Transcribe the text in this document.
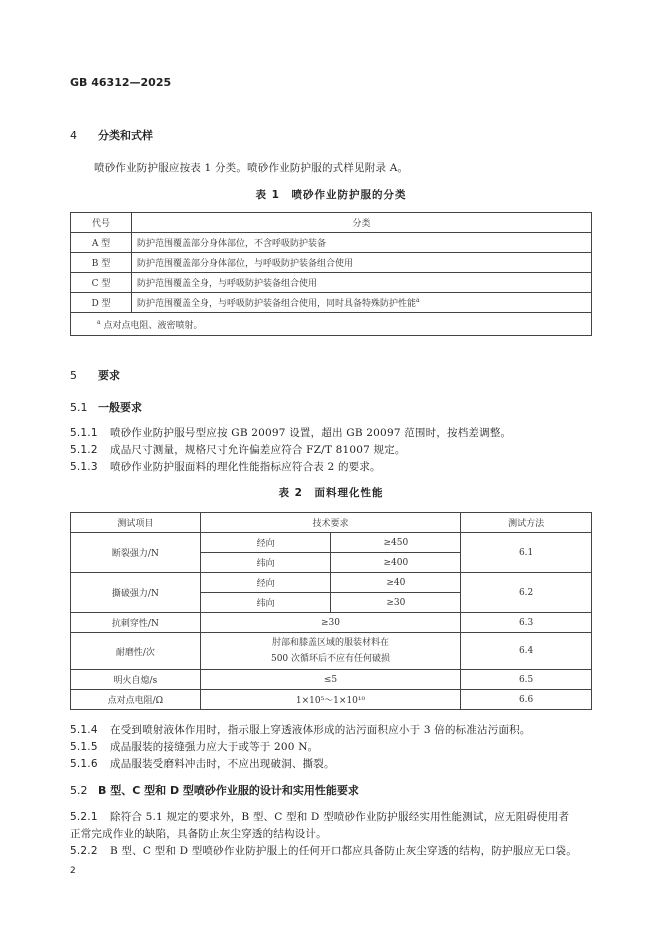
GB 46312—2025
4 分类和式样
喷砂作业防护服应按表 1 分类。喷砂作业防护服的式样见附录 A。
表 1　喷砂作业防护服的分类
代号	分类
A 型	防护范围覆盖部分身体部位，不含呼吸防护装备
B 型	防护范围覆盖部分身体部位，与呼吸防护装备组合使用
C 型	防护范围覆盖全身，与呼吸防护装备组合使用
D 型	防护范围覆盖全身，与呼吸防护装备组合使用，同时具备特殊防护性能$^a$
$^a$ 点对点电阻、液密喷射。	
5 要求
5.1 一般要求
5.1.1 喷砂作业防护服号型应按 GB 20097 设置，超出 GB 20097 范围时，按档差调整。
5.1.2 成品尺寸测量，规格尺寸允许偏差应符合 FZ/T 81007 规定。
5.1.3 喷砂作业防护服面料的理化性能指标应符合表 2 的要求。
表 2　面料理化性能
测试项目	技术要求		测试方法
断裂强力/N	经向	≥450	6.1
	纬向	≥400	
撕破强力/N	经向	≥40	6.2
	纬向	≥30	
抗刺穿性/N	≥30		6.3
耐磨性/次	肘部和膝盖区域的服装材料在
500 次循环后不应有任何破损		6.4
明火自熄/s	≤5		6.5
点对点电阻/Ω	1×10⁵～1×10¹⁰		6.6
5.1.4 在受到喷射液体作用时，指示服上穿透液体形成的沾污面积应小于 3 倍的标准沾污面积。
5.1.5 成品服装的接缝强力应大于或等于 200 N。
5.1.6 成品服装受磨料冲击时，不应出现破洞、撕裂。
5.2 B 型、C 型和 D 型喷砂作业服的设计和实用性能要求
5.2.1 除符合 5.1 规定的要求外，B 型、C 型和 D 型喷砂作业防护服经实用性能测试，应无阻碍使用者
正常完成作业的缺陷，具备防止灰尘穿透的结构设计。
5.2.2 B 型、C 型和 D 型喷砂作业防护服上的任何开口都应具备防止灰尘穿透的结构，防护服应无口袋。
2
